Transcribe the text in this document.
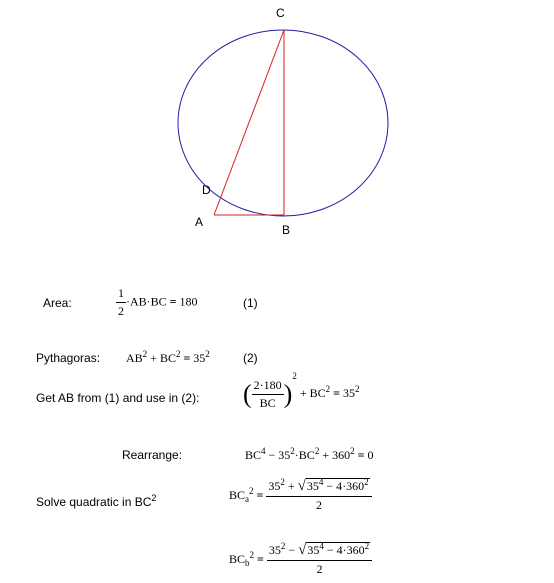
C
D
A
B
Area:	$\frac{1}{2} \cdot AB\cdot BC = 180$	(1)
Pythagoras: $AB^2 + BC^2 = 35^2$	(2)
Get AB from (1) and use in (2): ( $\frac{2\cdot 180}{BC} )^2 + BC^2 = 35^2$
Rearrange:	$BC^4 - 35^2\cdot BC^2 + 360^2 = 0$
Solve quadratic in $BC^2$	$BC_a^2 = \frac{35^2 + √35^4 - 4\cdot 360^2}{2}$
$BC_b^2 = \frac{35^2 - √35^4 - 4\cdot 360^2}{2}$
